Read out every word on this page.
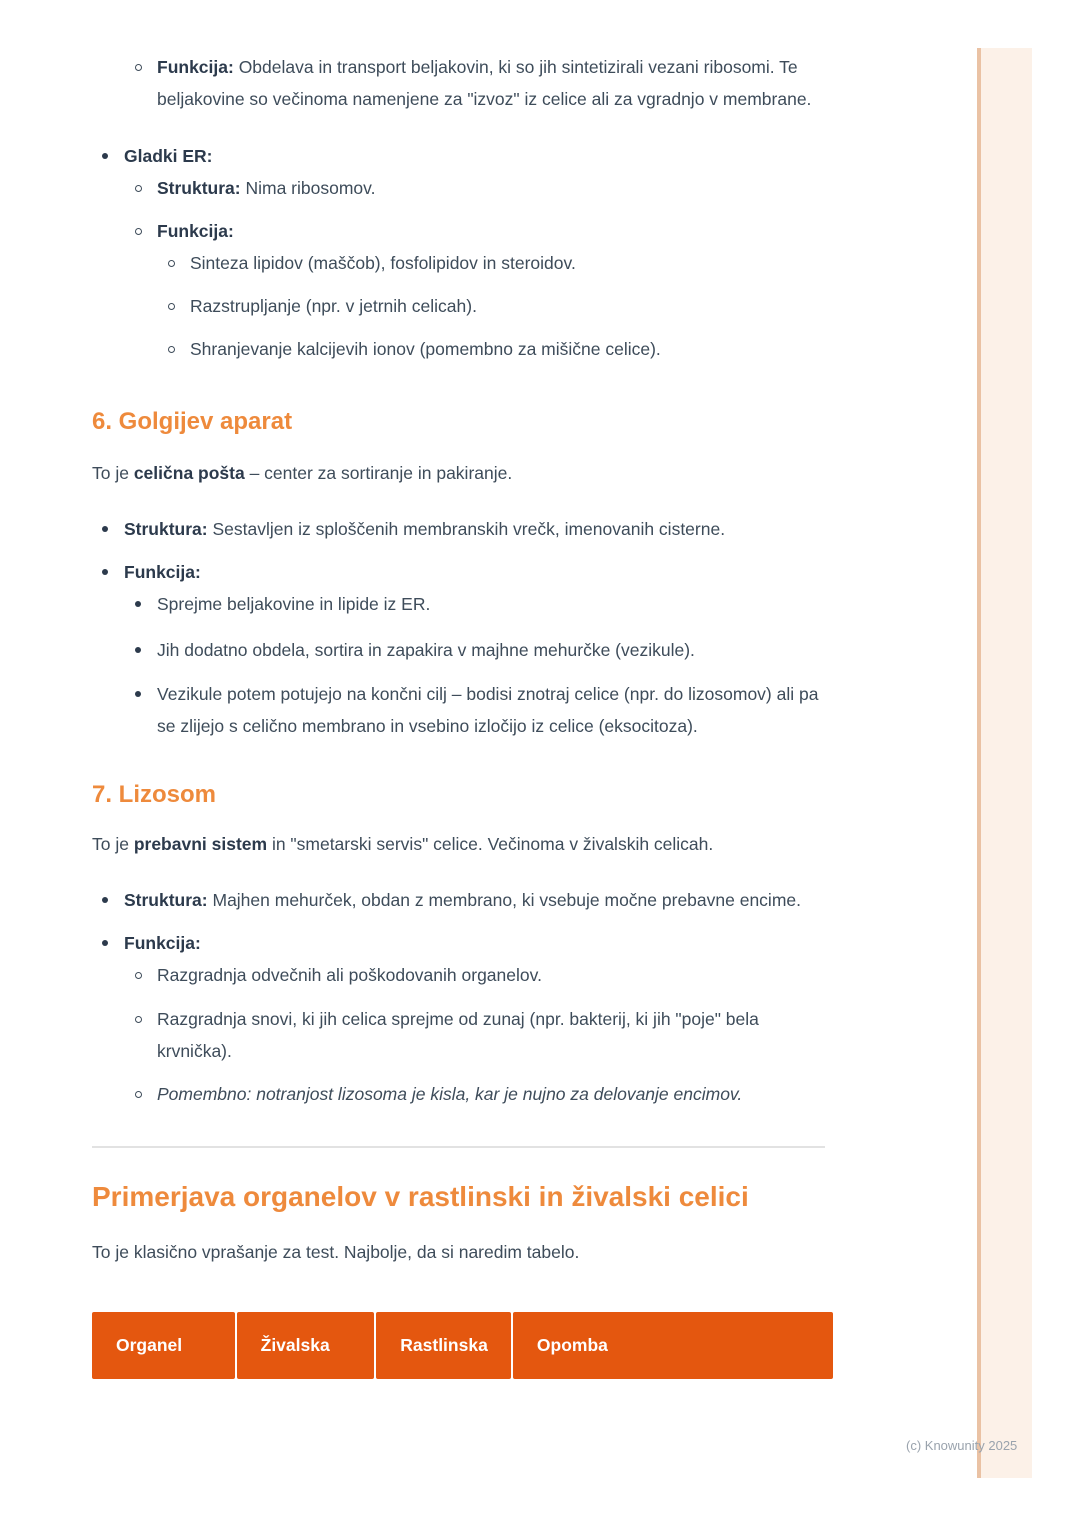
(c) Knowunity 2025
Funkcija: Obdelava in transport beljakovin, ki so jih sintetizirali vezani ribosomi. Te beljakovine so večinoma namenjene za "izvoz" iz celice ali za vgradnjo v membrane.
Gladki ER:
Struktura: Nima ribosomov.
Funkcija:
Sinteza lipidov (maščob), fosfolipidov in steroidov.
Razstrupljanje (npr. v jetrnih celicah).
Shranjevanje kalcijevih ionov (pomembno za mišične celice).
6. Golgijev aparat
To je celična pošta – center za sortiranje in pakiranje.
Struktura: Sestavljen iz sploščenih membranskih vrečk, imenovanih cisterne.
Funkcija:
Sprejme beljakovine in lipide iz ER.
Jih dodatno obdela, sortira in zapakira v majhne mehurčke (vezikule).
Vezikule potem potujejo na končni cilj – bodisi znotraj celice (npr. do lizosomov) ali pa se zlijejo s celično membrano in vsebino izločijo iz celice (eksocitoza).
7. Lizosom
To je prebavni sistem in "smetarski servis" celice. Večinoma v živalskih celicah.
Struktura: Majhen mehurček, obdan z membrano, ki vsebuje močne prebavne encime.
Funkcija:
Razgradnja odvečnih ali poškodovanih organelov.
Razgradnja snovi, ki jih celica sprejme od zunaj (npr. bakterij, ki jih "poje" bela krvnička).
Pomembno: notranjost lizosoma je kisla, kar je nujno za delovanje encimov.
Primerjava organelov v rastlinski in živalski celici
To je klasično vprašanje za test. Najbolje, da si naredim tabelo.
Organel	Živalska	Rastlinska	Opomba
